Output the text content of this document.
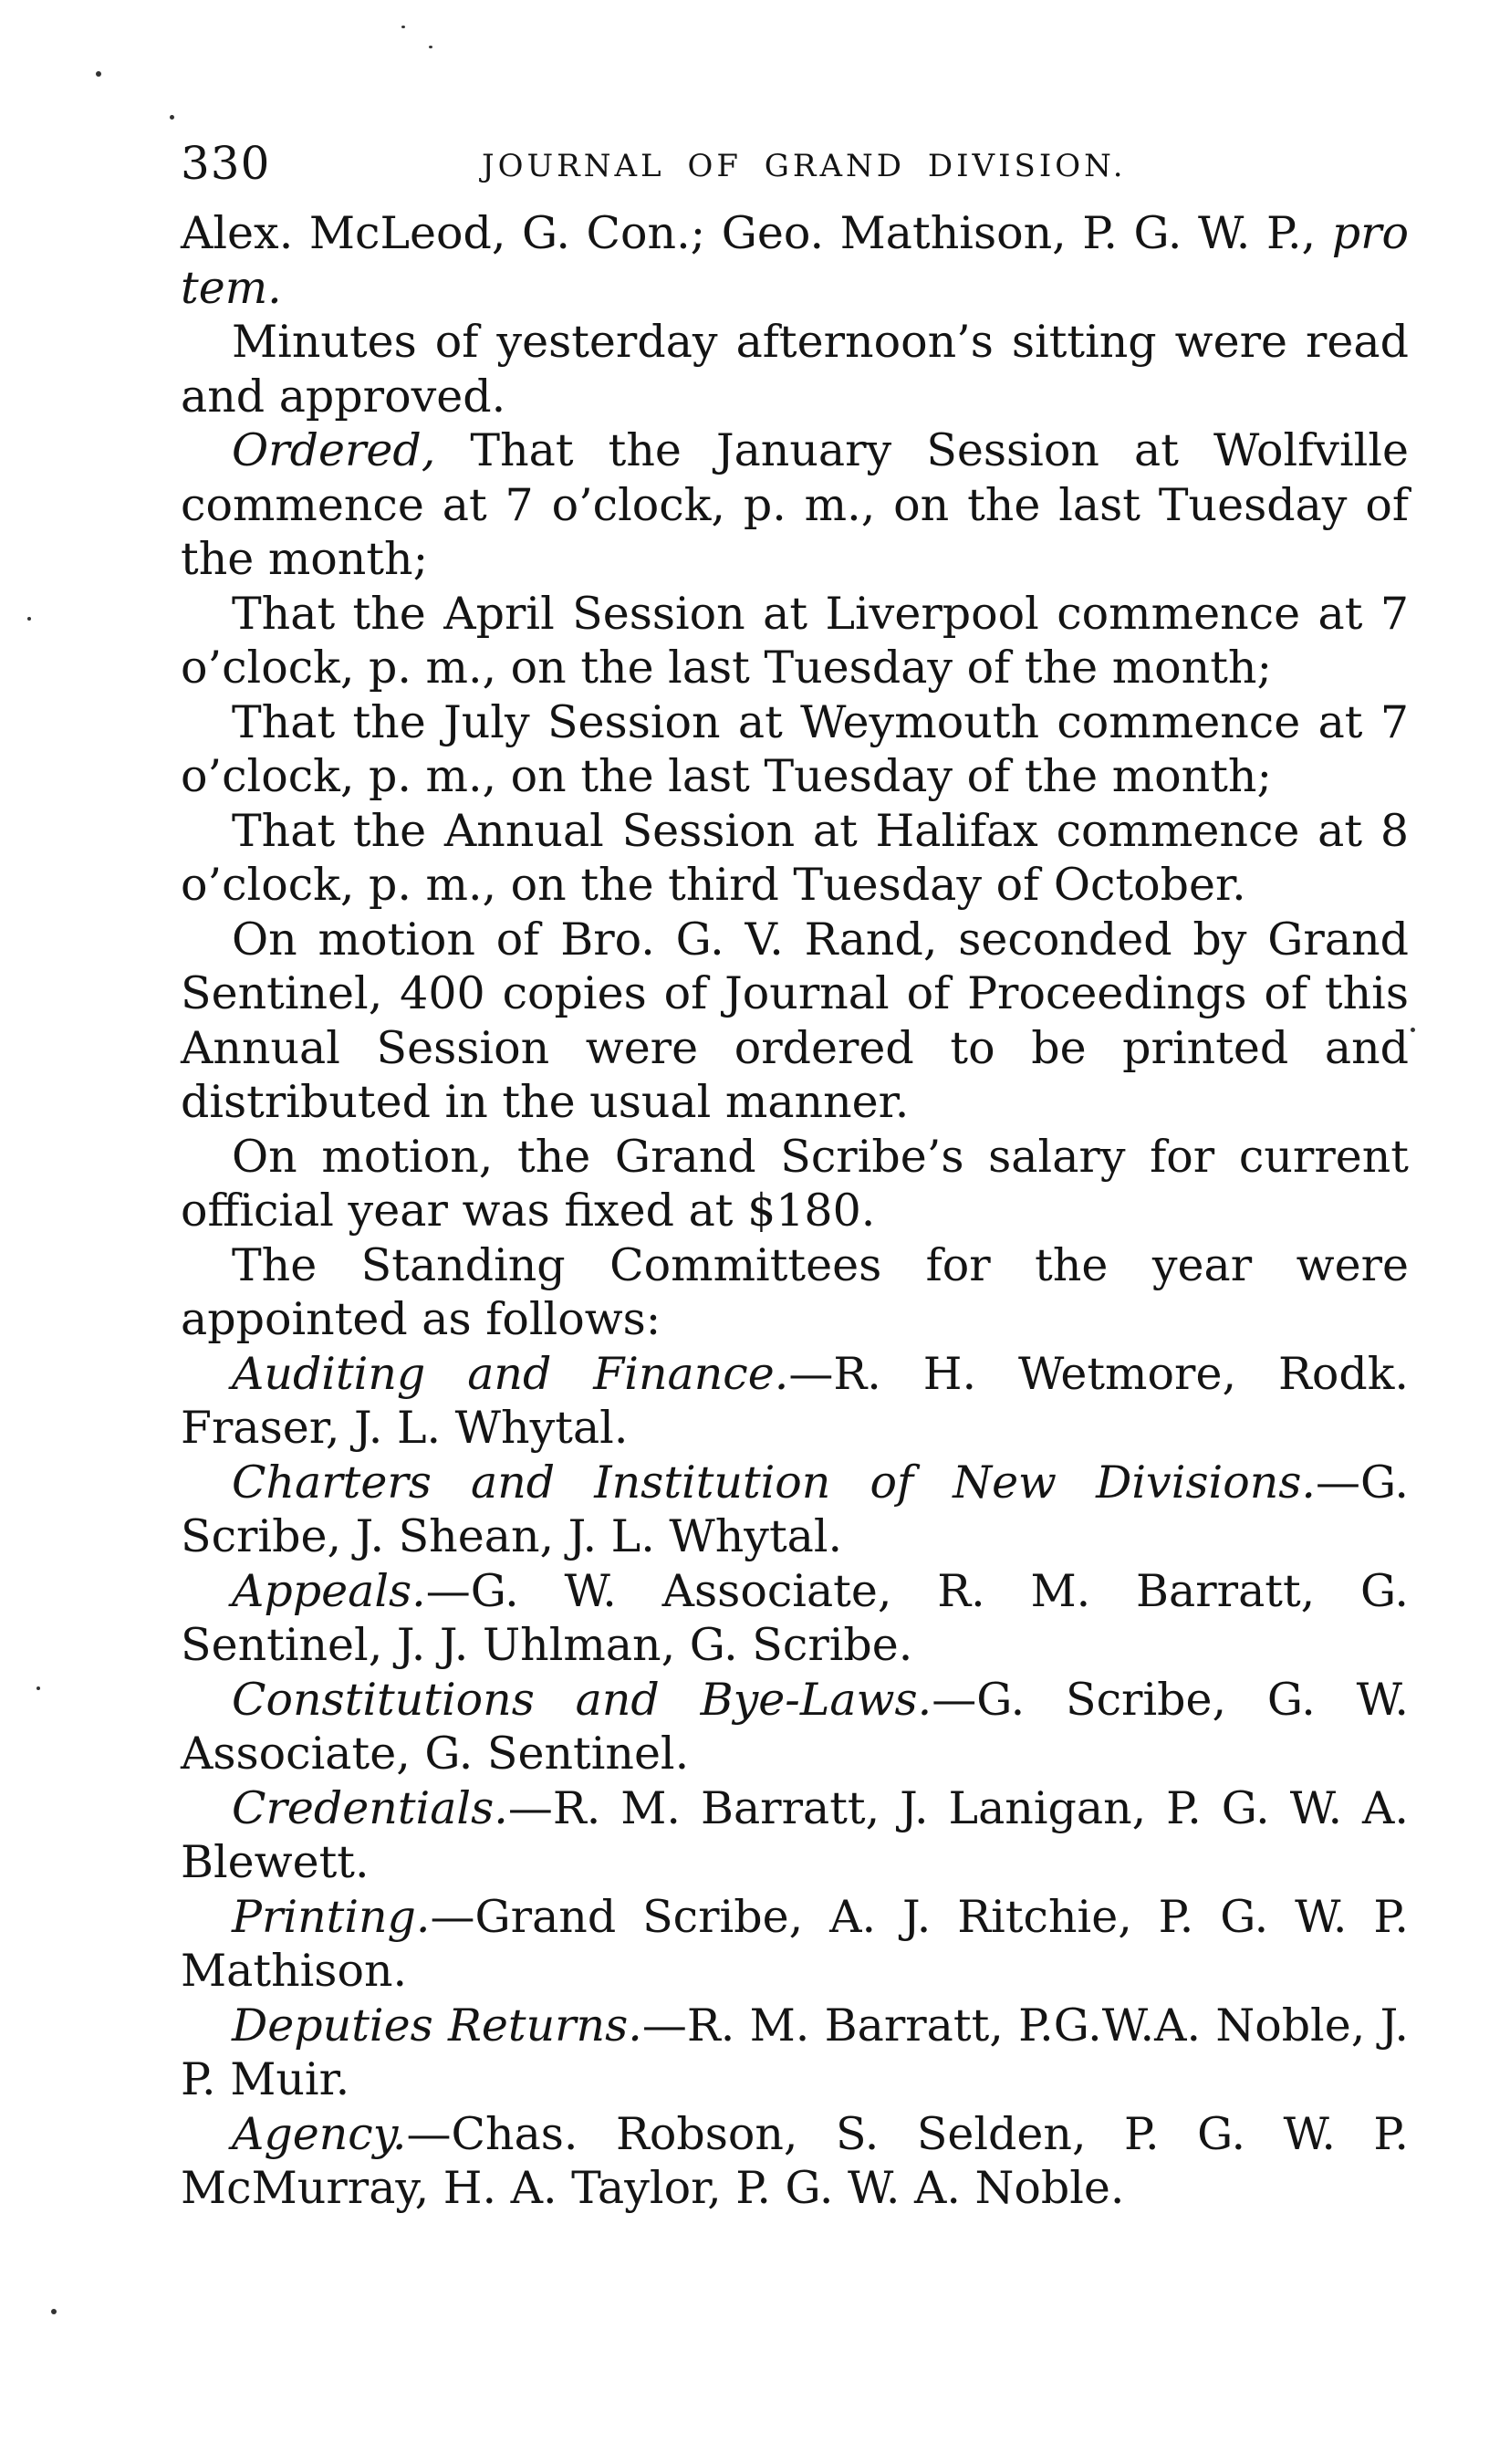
330	JOURNAL OF GRAND DIVISION.

Alex. McLeod, G. Con.; Geo. Mathison, P. G. W. P., pro tem.

Minutes of yesterday afternoon’s sitting were read and approved.

Ordered, That the January Session at Wolfville commence at 7 o’clock, p. m., on the last Tuesday of the month;

That the April Session at Liverpool commence at 7 o’clock, p. m., on the last Tuesday of the month;

That the July Session at Weymouth commence at 7 o’clock, p. m., on the last Tuesday of the month;

That the Annual Session at Halifax commence at 8 o’clock, p. m., on the third Tuesday of October.

On motion of Bro. G. V. Rand, seconded by Grand Sentinel, 400 copies of Journal of Proceedings of this Annual Session were ordered to be printed and distributed in the usual manner.

On motion, the Grand Scribe’s salary for current official year was fixed at $180.

The Standing Committees for the year were appointed as follows:

Auditing and Finance.—R. H. Wetmore, Rodk. Fraser, J. L. Whytal.

Charters and Institution of New Divisions.—G. Scribe, J. Shean, J. L. Whytal.

Appeals.—G. W. Associate, R. M. Barratt, G. Sentinel, J. J. Uhlman, G. Scribe.

Constitutions and Bye-Laws.—G. Scribe, G. W. Associate, G. Sentinel.

Credentials.—R. M. Barratt, J. Lanigan, P. G. W. A. Blewett.

Printing.—Grand Scribe, A. J. Ritchie, P. G. W. P. Mathison.

Deputies Returns.—R. M. Barratt, P.G.W.A. Noble, J. P. Muir.

Agency.—Chas. Robson, S. Selden, P. G. W. P. McMurray, H. A. Taylor, P. G. W. A. Noble.
